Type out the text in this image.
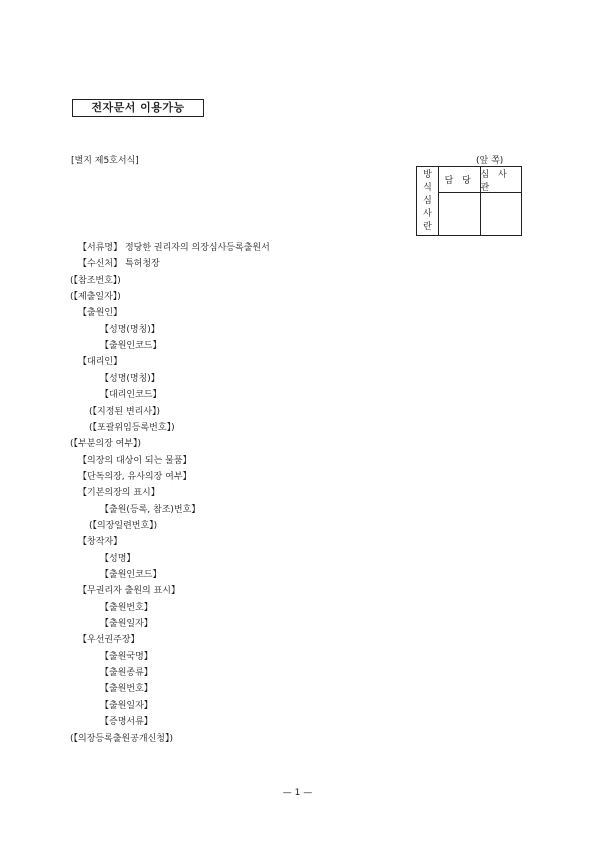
전자문서 이용가능
[별지 제5호서식]	(앞 쪽)
방
식
심
사
란
담 당
심 사 관
【서류명】 정당한 권리자의 의장심사등록출원서
【수신처】 특허청장
(【참조번호】)
(【제출일자】)
【출원인】
【성명(명칭)】
【출원인코드】
【대리인】
【성명(명칭)】
【대리인코드】
(【지정된 변리사】)
(【포괄위임등록번호】)
(【부분의장 여부】)
【의장의 대상이 되는 물품】
【단독의장, 유사의장 여부】
【기본의장의 표시】
【출원(등록, 참조)번호】
(【의장일련번호】)
【창작자】
【성명】
【출원인코드】
【무권리자 출원의 표시】
【출원번호】
【출원일자】
【우선권주장】
【출원국명】
【출원종류】
【출원번호】
【출원일자】
【증명서류】
(【의장등록출원공개신청】)
— 1 —
